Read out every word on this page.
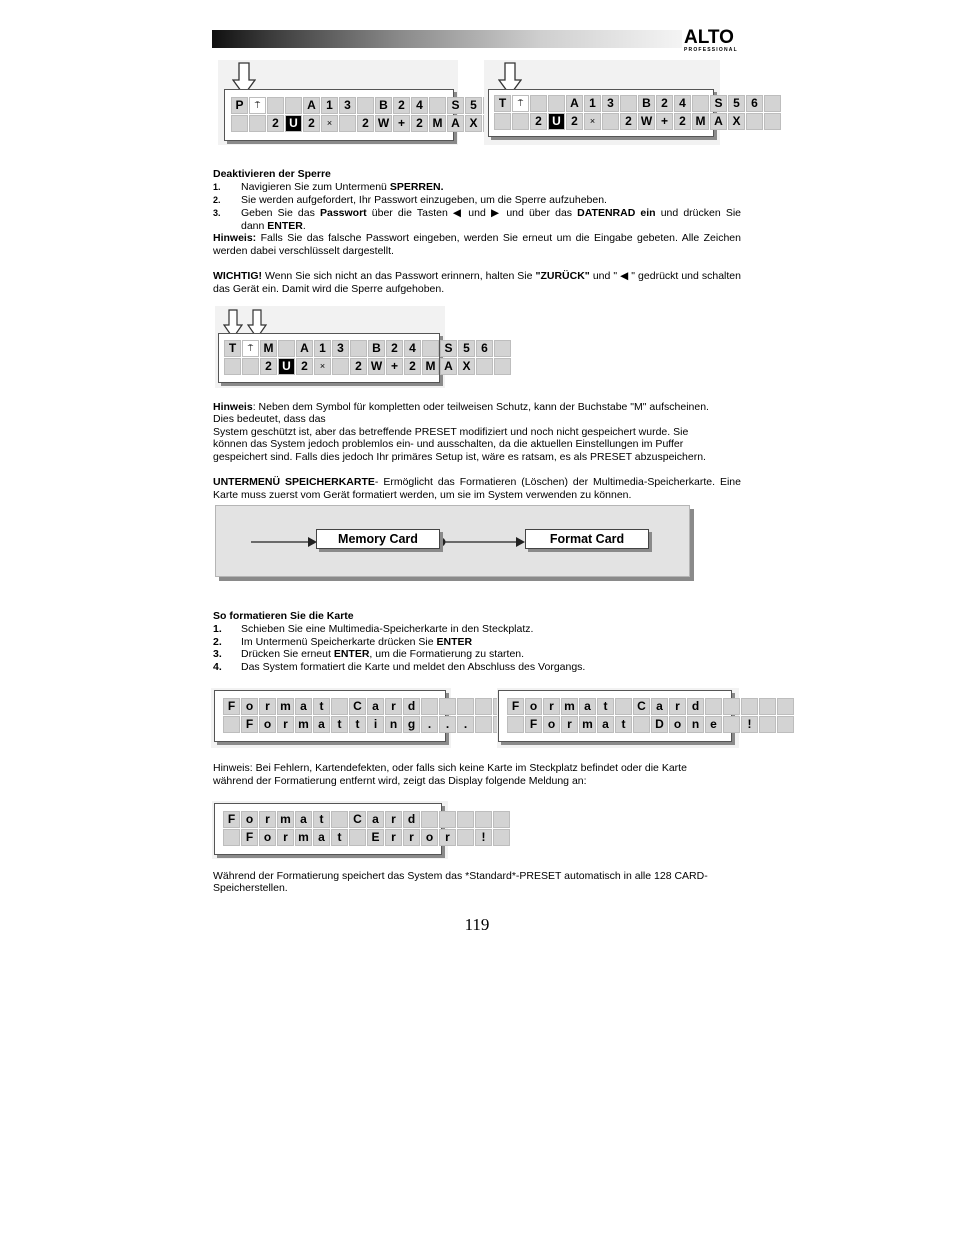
ALTO
PROFESSIONAL
P	⍑	A 1 3	B 2 4	S 5
2 U 2	×	2 W + 2 M A X
T	⍑	A 1 3	B 2 4	S 5 6
2 U 2	×	2 W + 2 M A X
Deaktivieren der Sperre
1. Navigieren Sie zum Untermenü SPERREN.
2. Sie werden aufgefordert, Ihr Passwort einzugeben, um die Sperre aufzuheben.
3. Geben Sie das Passwort über die Tasten ◀ und ▶ und über das DATENRAD ein und drücken Sie
dann ENTER.
Hinweis: Falls Sie das falsche Passwort eingeben, werden Sie erneut um die Eingabe gebeten. Alle Zeichen werden dabei verschlüsselt dargestellt.
WICHTIG! Wenn Sie sich nicht an das Passwort erinnern, halten Sie "ZURÜCK" und " ◀ " gedrückt und schalten das Gerät ein. Damit wird die Sperre aufgehoben.
T	⍑ M	A 1 3	B 2 4	S 5 6
2 U 2	×	2 W + 2 M A X
Hinweis: Neben dem Symbol für kompletten oder teilweisen Schutz, kann der Buchstabe "M" aufscheinen.
Dies bedeutet, dass das
System geschützt ist, aber das betreffende PRESET modifiziert und noch nicht gespeichert wurde. Sie
können das System jedoch problemlos ein- und ausschalten, da die aktuellen Einstellungen im Puffer
gespeichert sind. Falls dies jedoch Ihr primäres Setup ist, wäre es ratsam, es als PRESET abzuspeichern.
UNTERMENÜ SPEICHERKARTE- Ermöglicht das Formatieren (Löschen) der Multimedia-Speicherkarte. Eine Karte muss zuerst vom Gerät formatiert werden, um sie im System verwenden zu können.
Memory Card	Format Card
So formatieren Sie die Karte
1. Schieben Sie eine Multimedia-Speicherkarte in den Steckplatz.
2. Im Untermenü Speicherkarte drücken Sie ENTER
3. Drücken Sie erneut ENTER, um die Formatierung zu starten.
4. Das System formatiert die Karte und meldet den Abschluss des Vorgangs.
F o r m a	t	C a	r	d
F o r m a	t	t	i	n g	.	.	.
F o r m a	t	C a	r	d
F o r m a	t	D o n e	!
Hinweis: Bei Fehlern, Kartendefekten, oder falls sich keine Karte im Steckplatz befindet oder die Karte
während der Formatierung entfernt wird, zeigt das Display folgende Meldung an:
F o r m a	t	C a	r	d
F o r m a	t	E r	r	o r	!
Während der Formatierung speichert das System das *Standard*-PRESET automatisch in alle 128 CARD-
Speicherstellen.
119
